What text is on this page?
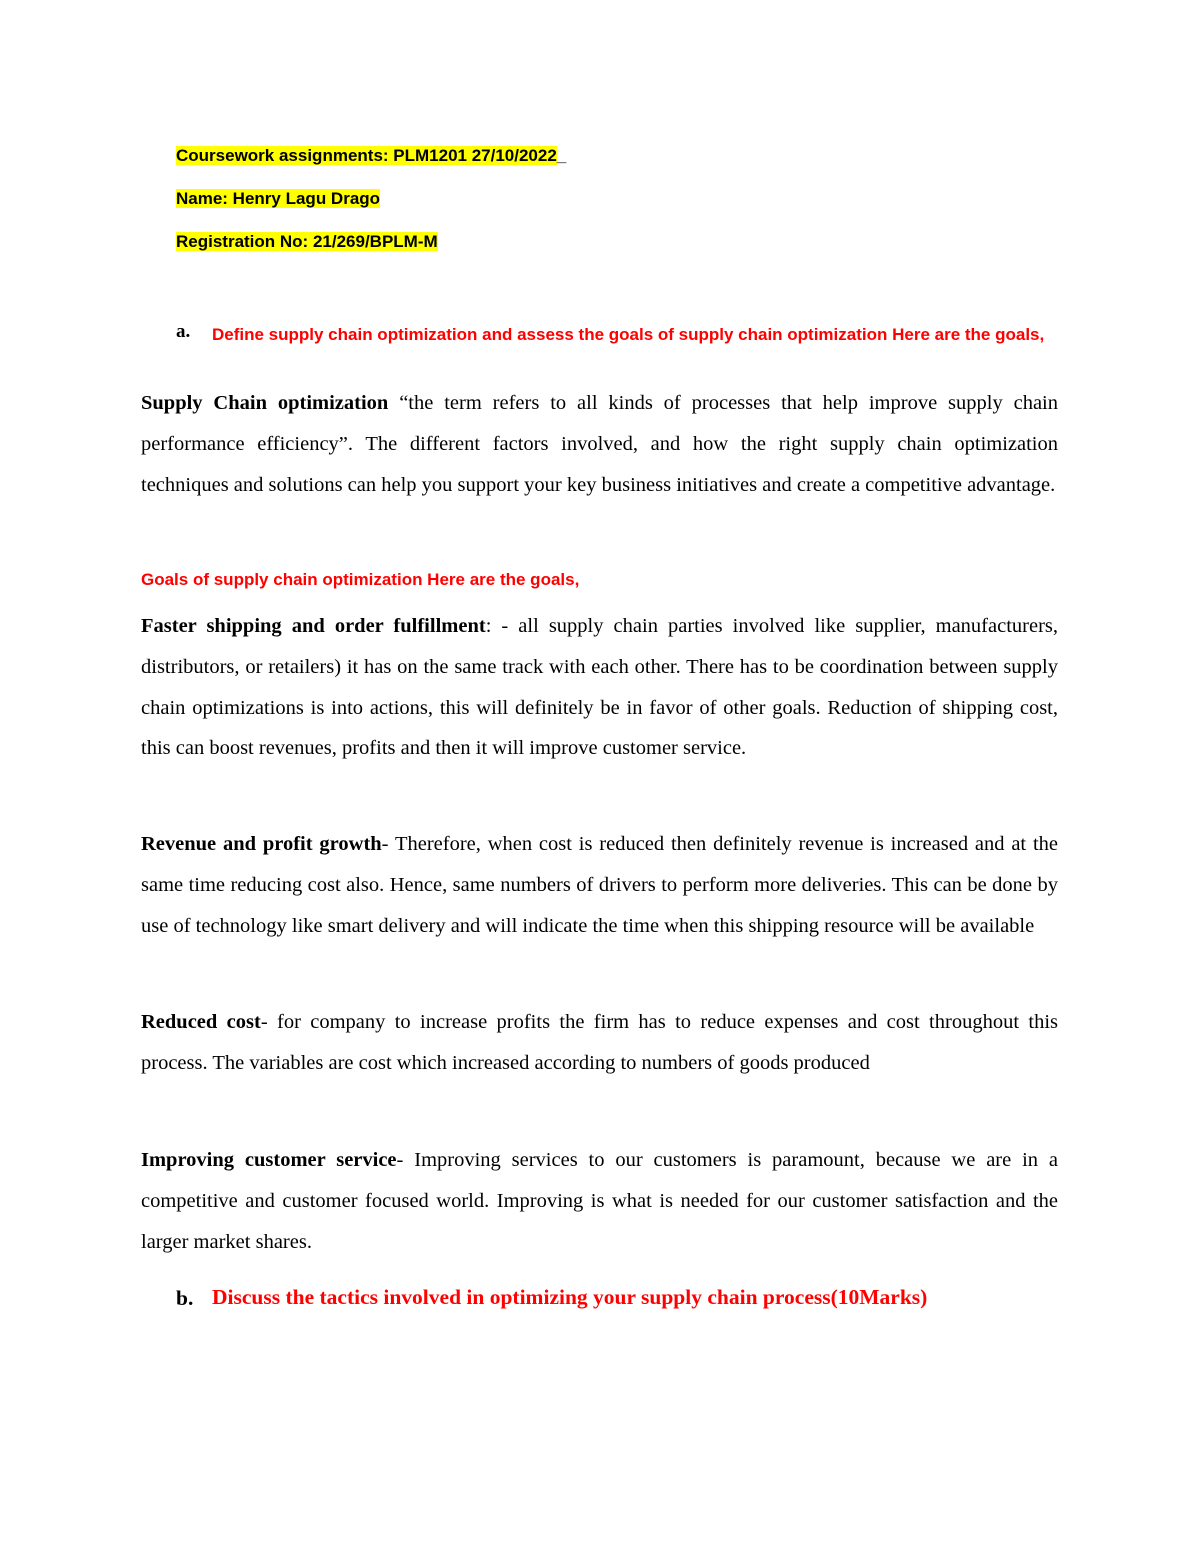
Coursework assignments: PLM1201 27/10/2022_
Name: Henry Lagu Drago
Registration No: 21/269/BPLM-M
a. Define supply chain optimization and assess the goals of supply chain optimization Here are the goals,
Supply Chain optimization “the term refers to all kinds of processes that help improve supply chain performance efficiency”. The different factors involved, and how the right supply chain optimization techniques and solutions can help you support your key business initiatives and create a competitive advantage.
Goals of supply chain optimization Here are the goals,
Faster shipping and order fulfillment: - all supply chain parties involved like supplier, manufacturers, distributors, or retailers) it has on the same track with each other. There has to be coordination between supply chain optimizations is into actions, this will definitely be in favor of other goals. Reduction of shipping cost, this can boost revenues, profits and then it will improve customer service.
Revenue and profit growth- Therefore, when cost is reduced then definitely revenue is increased and at the same time reducing cost also. Hence, same numbers of drivers to perform more deliveries. This can be done by use of technology like smart delivery and will indicate the time when this shipping resource will be available
Reduced cost- for company to increase profits the firm has to reduce expenses and cost throughout this process. The variables are cost which increased according to numbers of goods produced
Improving customer service- Improving services to our customers is paramount, because we are in a competitive and customer focused world. Improving is what is needed for our customer satisfaction and the larger market shares.
b. Discuss the tactics involved in optimizing your supply chain process(10Marks)
